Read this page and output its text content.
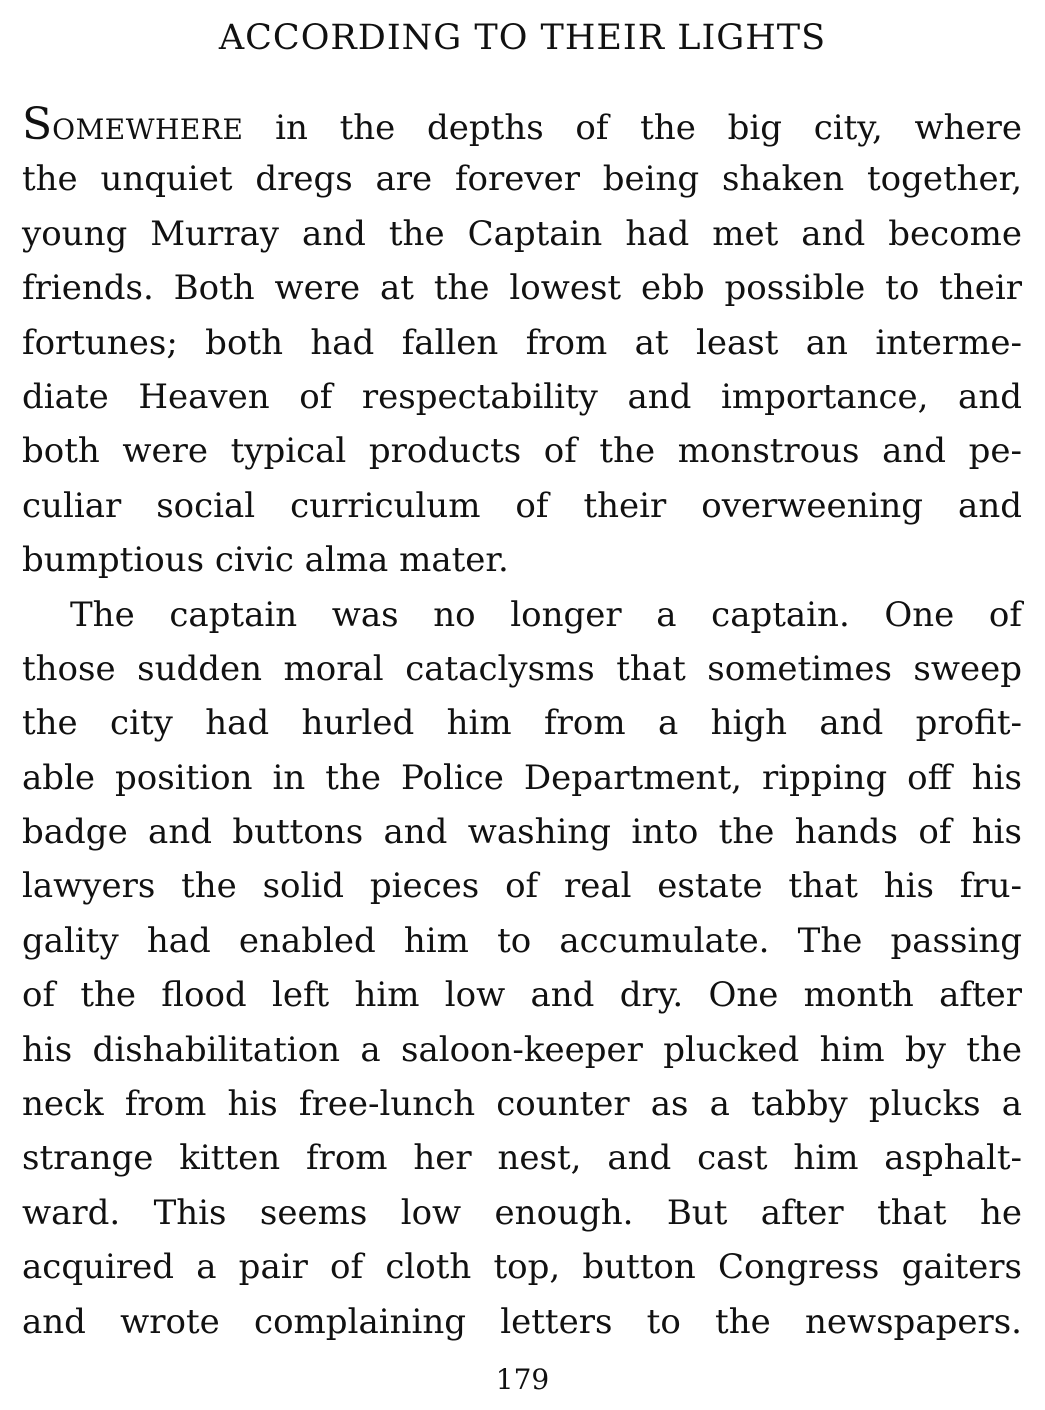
ACCORDING TO THEIR LIGHTS
SOMEWHERE in the depths of the big city, where
the unquiet dregs are forever being shaken together,
young Murray and the Captain had met and become
friends. Both were at the lowest ebb possible to their
fortunes; both had fallen from at least an interme-
diate Heaven of respectability and importance, and
both were typical products of the monstrous and pe-
culiar social curriculum of their overweening and
bumptious civic alma mater.
The captain was no longer a captain. One of
those sudden moral cataclysms that sometimes sweep
the city had hurled him from a high and profit-
able position in the Police Department, ripping off his
badge and buttons and washing into the hands of his
lawyers the solid pieces of real estate that his fru-
gality had enabled him to accumulate. The passing
of the flood left him low and dry. One month after
his dishabilitation a saloon-keeper plucked him by the
neck from his free-lunch counter as a tabby plucks a
strange kitten from her nest, and cast him asphalt-
ward. This seems low enough. But after that he
acquired a pair of cloth top, button Congress gaiters
and wrote complaining letters to the newspapers.
179
